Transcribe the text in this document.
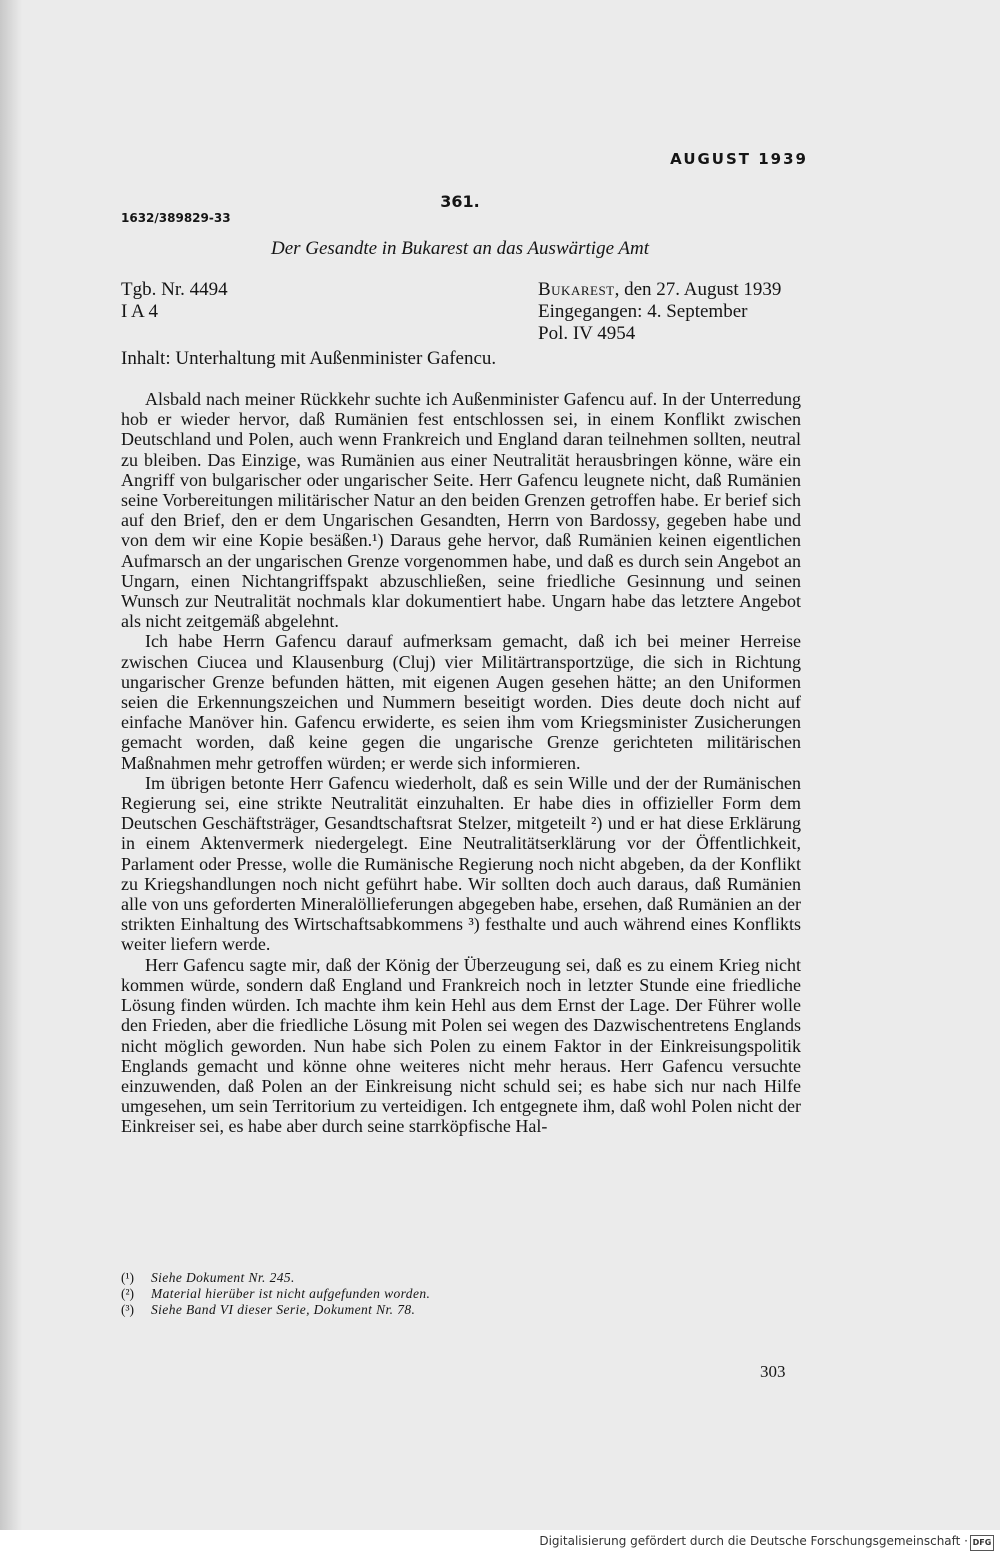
AUGUST 1939
361.
1632/389829-33
Der Gesandte in Bukarest an das Auswärtige Amt
Tgb. Nr. 4494
I A 4
Bukarest, den 27. August 1939
Eingegangen: 4. September
Pol. IV 4954
Inhalt: Unterhaltung mit Außenminister Gafencu.

Alsbald nach meiner Rückkehr suchte ich Außenminister Gafencu auf. In der Unterredung hob er wieder hervor, daß Rumänien fest entschlossen sei, in einem Konflikt zwischen Deutschland und Polen, auch wenn Frankreich und England daran teilnehmen sollten, neutral zu bleiben. Das Einzige, was Rumänien aus einer Neutralität herausbringen könne, wäre ein Angriff von bulgarischer oder ungarischer Seite. Herr Gafencu leugnete nicht, daß Rumänien seine Vorbereitungen militärischer Natur an den beiden Grenzen getroffen habe. Er berief sich auf den Brief, den er dem Ungarischen Gesandten, Herrn von Bardossy, gegeben habe und von dem wir eine Kopie besäßen.¹) Daraus gehe hervor, daß Rumänien keinen eigentlichen Aufmarsch an der ungarischen Grenze vorgenommen habe, und daß es durch sein Angebot an Ungarn, einen Nichtangriffspakt abzuschließen, seine friedliche Gesinnung und seinen Wunsch zur Neutralität nochmals klar dokumentiert habe. Ungarn habe das letztere Angebot als nicht zeitgemäß abgelehnt.

Ich habe Herrn Gafencu darauf aufmerksam gemacht, daß ich bei meiner Herreise zwischen Ciucea und Klausenburg (Cluj) vier Militärtransportzüge, die sich in Richtung ungarischer Grenze befunden hätten, mit eigenen Augen gesehen hätte; an den Uniformen seien die Erkennungszeichen und Nummern beseitigt worden. Dies deute doch nicht auf einfache Manöver hin. Gafencu erwiderte, es seien ihm vom Kriegsminister Zusicherungen gemacht worden, daß keine gegen die ungarische Grenze gerichteten militärischen Maßnahmen mehr getroffen würden; er werde sich informieren.

Im übrigen betonte Herr Gafencu wiederholt, daß es sein Wille und der der Rumänischen Regierung sei, eine strikte Neutralität einzuhalten. Er habe dies in offizieller Form dem Deutschen Geschäftsträger, Gesandtschaftsrat Stelzer, mitgeteilt ²) und er hat diese Erklärung in einem Aktenvermerk niedergelegt. Eine Neutralitätserklärung vor der Öffentlichkeit, Parlament oder Presse, wolle die Rumänische Regierung noch nicht abgeben, da der Konflikt zu Kriegshandlungen noch nicht geführt habe. Wir sollten doch auch daraus, daß Rumänien alle von uns geforderten Mineralöllieferungen abgegeben habe, ersehen, daß Rumänien an der strikten Einhaltung des Wirtschaftsabkommens ³) festhalte und auch während eines Konflikts weiter liefern werde.

Herr Gafencu sagte mir, daß der König der Überzeugung sei, daß es zu einem Krieg nicht kommen würde, sondern daß England und Frankreich noch in letzter Stunde eine friedliche Lösung finden würden. Ich machte ihm kein Hehl aus dem Ernst der Lage. Der Führer wolle den Frieden, aber die friedliche Lösung mit Polen sei wegen des Dazwischentretens Englands nicht möglich geworden. Nun habe sich Polen zu einem Faktor in der Einkreisungspolitik Englands gemacht und könne ohne weiteres nicht mehr heraus. Herr Gafencu versuchte einzuwenden, daß Polen an der Einkreisung nicht schuld sei; es habe sich nur nach Hilfe umgesehen, um sein Territorium zu verteidigen. Ich entgegnete ihm, daß wohl Polen nicht der Einkreiser sei, es habe aber durch seine starrköpfische Hal-

(¹)	Siehe Dokument Nr. 245.
(²)	Material hierüber ist nicht aufgefunden worden.
(³)	Siehe Band VI dieser Serie, Dokument Nr. 78.
303
Digitalisierung gefördert durch die Deutsche Forschungsgemeinschaft · DFG
